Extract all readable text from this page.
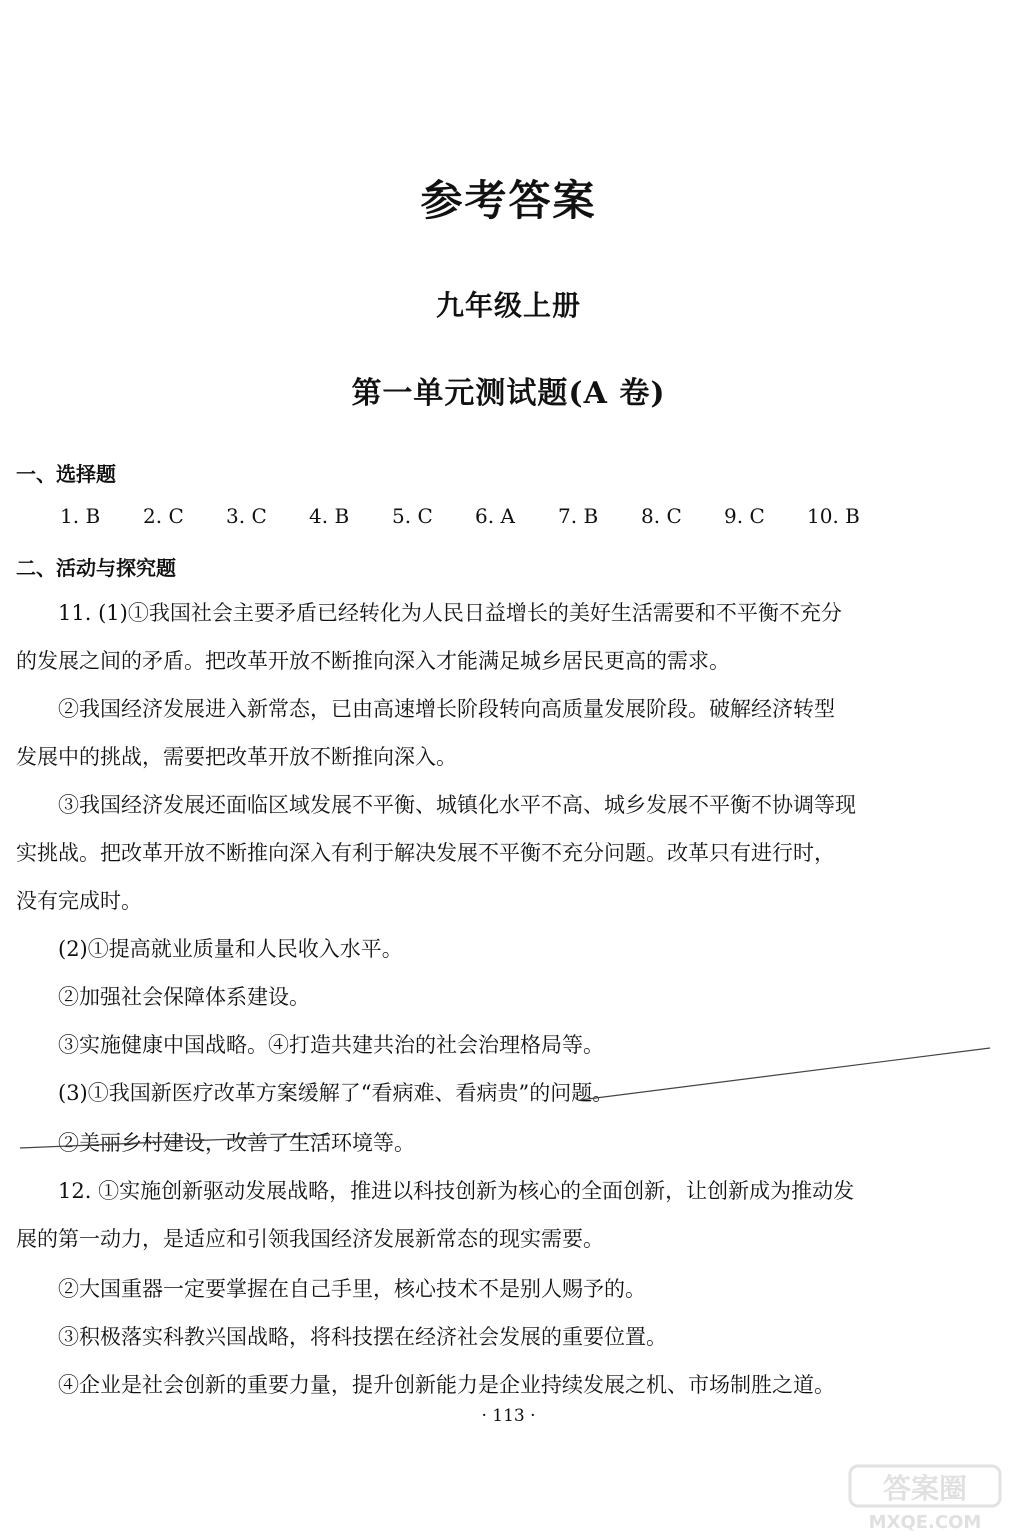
参考答案
九年级上册
第一单元测试题(A 卷)
一、选择题
1. B 2. C 3. C 4. B 5. C 6. A 7. B 8. C 9. C 10. B
二、活动与探究题
11. (1)①我国社会主要矛盾已经转化为人民日益增长的美好生活需要和不平衡不充分
的发展之间的矛盾。把改革开放不断推向深入才能满足城乡居民更高的需求。
②我国经济发展进入新常态，已由高速增长阶段转向高质量发展阶段。破解经济转型
发展中的挑战，需要把改革开放不断推向深入。
③我国经济发展还面临区域发展不平衡、城镇化水平不高、城乡发展不平衡不协调等现
实挑战。把改革开放不断推向深入有利于解决发展不平衡不充分问题。改革只有进行时，
没有完成时。
(2)①提高就业质量和人民收入水平。
②加强社会保障体系建设。
③实施健康中国战略。④打造共建共治的社会治理格局等。
(3)①我国新医疗改革方案缓解了“看病难、看病贵”的问题。
②美丽乡村建设，改善了生活环境等。
12. ①实施创新驱动发展战略，推进以科技创新为核心的全面创新，让创新成为推动发
展的第一动力，是适应和引领我国经济发展新常态的现实需要。
②大国重器一定要掌握在自己手里，核心技术不是别人赐予的。
③积极落实科教兴国战略，将科技摆在经济社会发展的重要位置。
④企业是社会创新的重要力量，提升创新能力是企业持续发展之机、市场制胜之道。
· 113 ·
答案圈
MXQE.COM
